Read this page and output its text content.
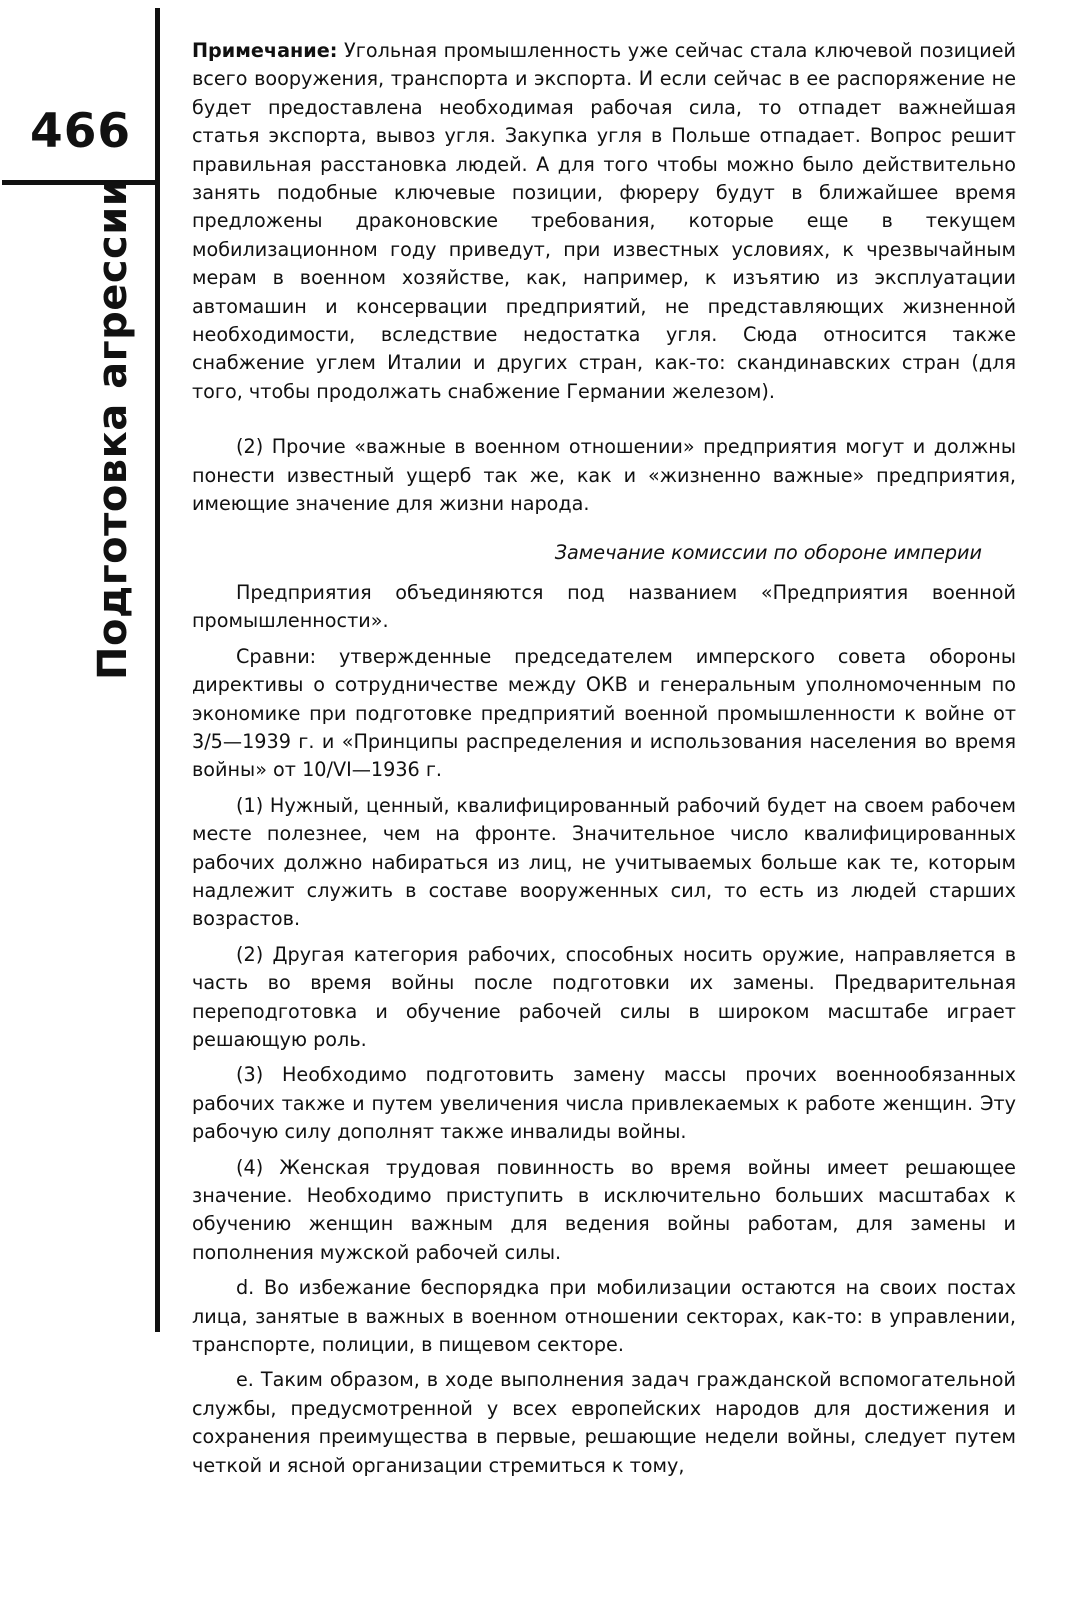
466
Подготовка агрессии

Примечание: Угольная промышленность уже сейчас стала ключевой позицией всего вооружения, транспорта и экспорта. И если сейчас в ее распоряжение не будет предоставлена необходимая рабочая сила, то отпадет важнейшая статья экспорта, вывоз угля. Закупка угля в Польше отпадает. Вопрос решит правильная расстановка людей. А для того чтобы можно было действительно занять подобные ключевые позиции, фюреру будут в ближайшее время предложены драконовские требования, которые еще в текущем мобилизационном году приведут, при известных условиях, к чрезвычайным мерам в военном хозяйстве, как, например, к изъятию из эксплуатации автомашин и консервации предприятий, не представляющих жизненной необходимости, вследствие недостатка угля. Сюда относится также снабжение углем Италии и других стран, как-то: скандинавских стран (для того, чтобы продолжать снабжение Германии железом).

(2) Прочие «важные в военном отношении» предприятия могут и должны понести известный ущерб так же, как и «жизненно важные» предприятия, имеющие значение для жизни народа.

Замечание комиссии по обороне империи

Предприятия объединяются под названием «Предприятия военной промышленности».

Сравни: утвержденные председателем имперского совета обороны директивы о сотрудничестве между ОКВ и генеральным уполномоченным по экономике при подготовке предприятий военной промышленности к войне от 3/5—1939 г. и «Принципы распределения и использования населения во время войны» от 10/VI—1936 г.

(1) Нужный, ценный, квалифицированный рабочий будет на своем рабочем месте полезнее, чем на фронте. Значительное число квалифицированных рабочих должно набираться из лиц, не учитываемых больше как те, которым надлежит служить в составе вооруженных сил, то есть из людей старших возрастов.

(2) Другая категория рабочих, способных носить оружие, направляется в часть во время войны после подготовки их замены. Предварительная переподготовка и обучение рабочей силы в широком масштабе играет решающую роль.

(3) Необходимо подготовить замену массы прочих военнообязанных рабочих также и путем увеличения числа привлекаемых к работе женщин. Эту рабочую силу дополнят также инвалиды войны.

(4) Женская трудовая повинность во время войны имеет решающее значение. Необходимо приступить в исключительно больших масштабах к обучению женщин важным для ведения войны работам, для замены и пополнения мужской рабочей силы.

d. Во избежание беспорядка при мобилизации остаются на своих постах лица, занятые в важных в военном отношении секторах, как-то: в управлении, транспорте, полиции, в пищевом секторе.

е. Таким образом, в ходе выполнения задач гражданской вспомогательной службы, предусмотренной у всех европейских народов для достижения и сохранения преимущества в первые, решающие недели войны, следует путем четкой и ясной организации стремиться к тому,
